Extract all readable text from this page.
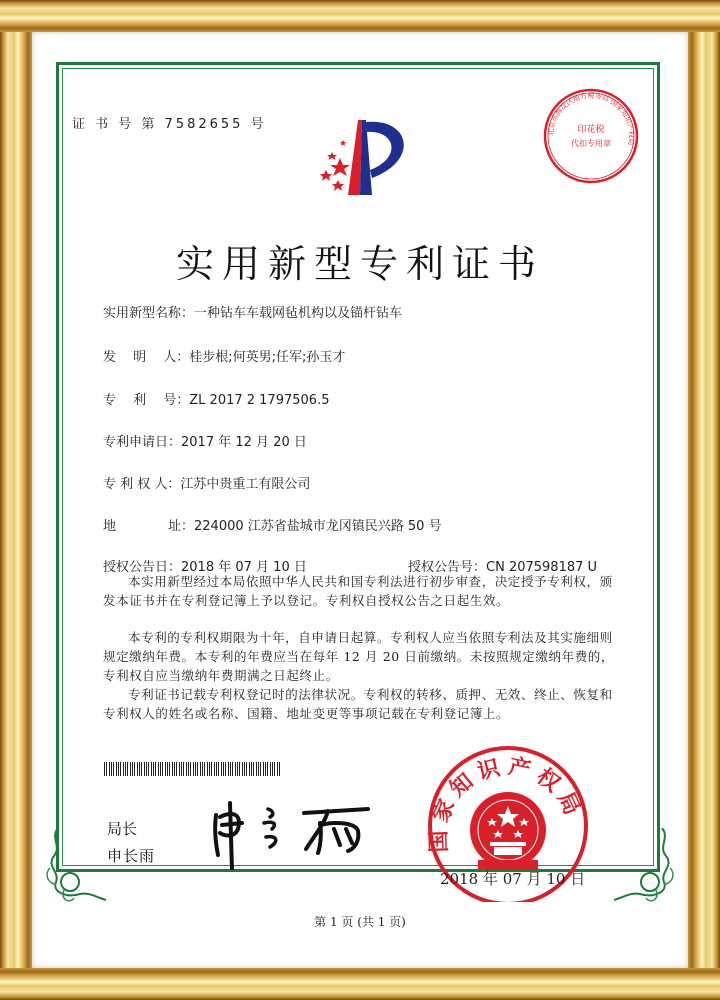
证 书 号 第 7582655 号	印花税
代扣专用章
北京市海淀区地方税务局 国家知识产权局
实用新型专利证书
实用新型名称：一种钻车车载网毡机构以及锚杆钻车
发　 明　 人：桂步根;何英男;任军;孙玉才
专　 利　 号：ZL 2017 2 1797506.5
专利申请日：2017 年 12 月 20 日
专 利 权 人：江苏中贵重工有限公司
地　　　　址：224000 江苏省盐城市龙冈镇民兴路 50 号
授权公告日：2018 年 07 月 10 日	授权公告号：CN 207598187 U

本实用新型经过本局依照中华人民共和国专利法进行初步审查，决定授予专利权，颁发本证书并在专利登记簿上予以登记。专利权自授权公告之日起生效。

本专利的专利权期限为十年，自申请日起算。专利权人应当依照专利法及其实施细则规定缴纳年费。本专利的年费应当在每年 12 月 20 日前缴纳。未按照规定缴纳年费的，专利权自应当缴纳年费期满之日起终止。

专利证书记载专利权登记时的法律状况。专利权的转移、质押、无效、终止、恢复和专利权人的姓名或名称、国籍、地址变更等事项记载在专利登记簿上。

局长
申长雨
国家知识产权局
2018 年 07 月 10 日
第 1 页 (共 1 页)
